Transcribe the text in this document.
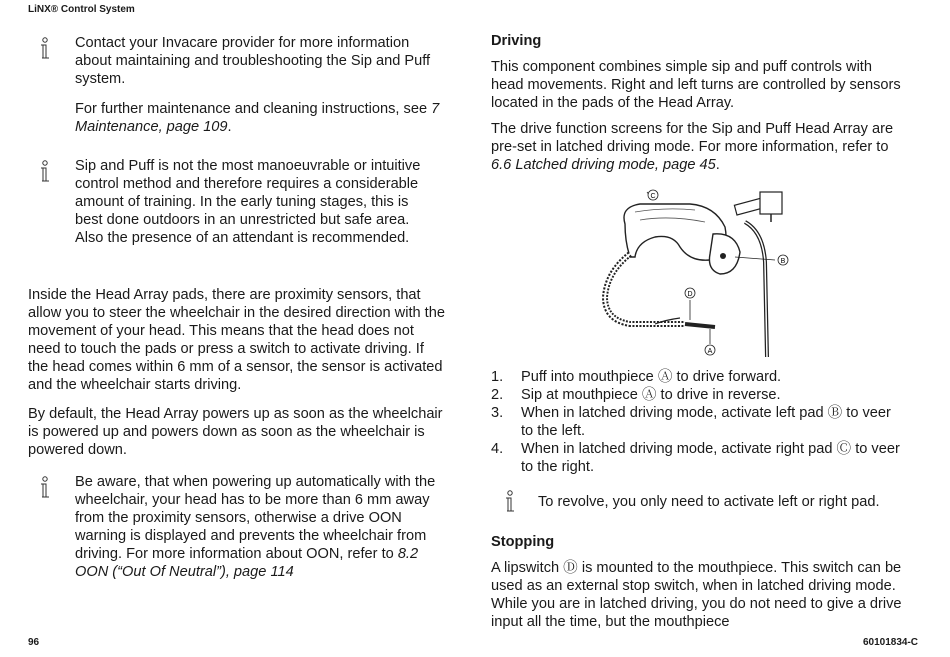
LiNX® Control System

Contact your Invacare provider for more information about maintaining and troubleshooting the Sip and Puff system.

For further maintenance and cleaning instructions, see 7 Maintenance, page 109.

Sip and Puff is not the most manoeuvrable or intuitive control method and therefore requires a considerable amount of training. In the early tuning stages, this is best done outdoors in an unrestricted but safe area. Also the presence of an attendant is recommended.
Inside the Head Array pads, there are proximity sensors, that allow you to steer the wheelchair in the desired direction with the movement of your head. This means that the head does not need to touch the pads or press a switch to activate driving. If the head comes within 6 mm of a sensor, the sensor is activated and the wheelchair starts driving.
By default, the Head Array powers up as soon as the wheelchair is powered up and powers down as soon as the wheelchair is powered down.
Be aware, that when powering up automatically with the wheelchair, your head has to be more than 6 mm away from the proximity sensors, otherwise a drive OON warning is displayed and prevents the wheelchair from driving. For more information about OON, refer to 8.2 OON (“Out Of Neutral”), page 114
Driving
This component combines simple sip and puff controls with head movements. Right and left turns are controlled by sensors located in the pads of the Head Array.
The drive function screens for the Sip and Puff Head Array are pre-set in latched driving mode. For more information, refer to 6.6 Latched driving mode, page 45.
C
B
D
A
1. Puff into mouthpiece Ⓐ to drive forward.
2. Sip at mouthpiece Ⓐ to drive in reverse.
3. When in latched driving mode, activate left pad Ⓑ to veer to the left.
4. When in latched driving mode, activate right pad Ⓒ to veer to the right.
To revolve, you only need to activate left or right pad.
Stopping
A lipswitch Ⓓ is mounted to the mouthpiece. This switch can be used as an external stop switch, when in latched driving mode. While you are in latched driving, you do not need to give a drive input all the time, but the mouthpiece
96	60101834-C
